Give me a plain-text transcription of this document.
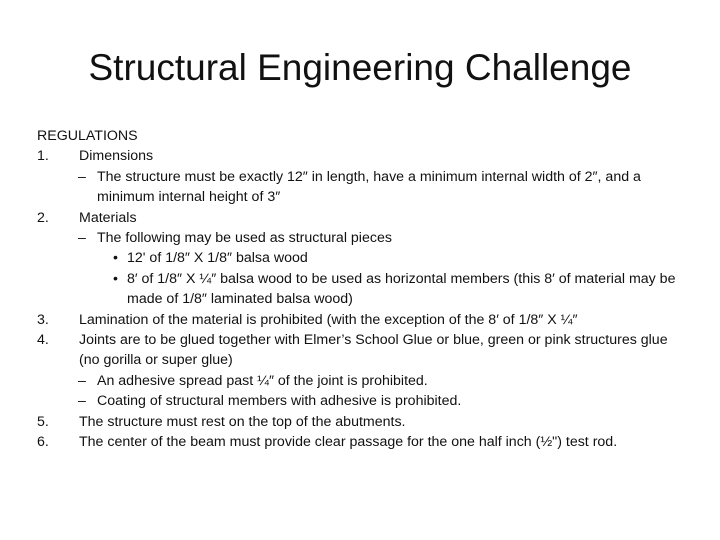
Structural Engineering Challenge
REGULATIONS
1. Dimensions
– The structure must be exactly 12″ in length, have a minimum internal width of 2″, and a minimum internal height of 3″
2. Materials
– The following may be used as structural pieces
• 12' of 1/8″ X 1/8″ balsa wood
• 8′ of 1/8″ X ¼″ balsa wood to be used as horizontal members (this 8′ of material may be made of 1/8″ laminated balsa wood)
3. Lamination of the material is prohibited (with the exception of the 8′ of 1/8″ X ¼″
4. Joints are to be glued together with Elmer’s School Glue or blue, green or pink structures glue (no gorilla or super glue)
– An adhesive spread past ¼″ of the joint is prohibited.
– Coating of structural members with adhesive is prohibited.
5. The structure must rest on the top of the abutments.
6. The center of the beam must provide clear passage for the one half inch (½") test rod.
